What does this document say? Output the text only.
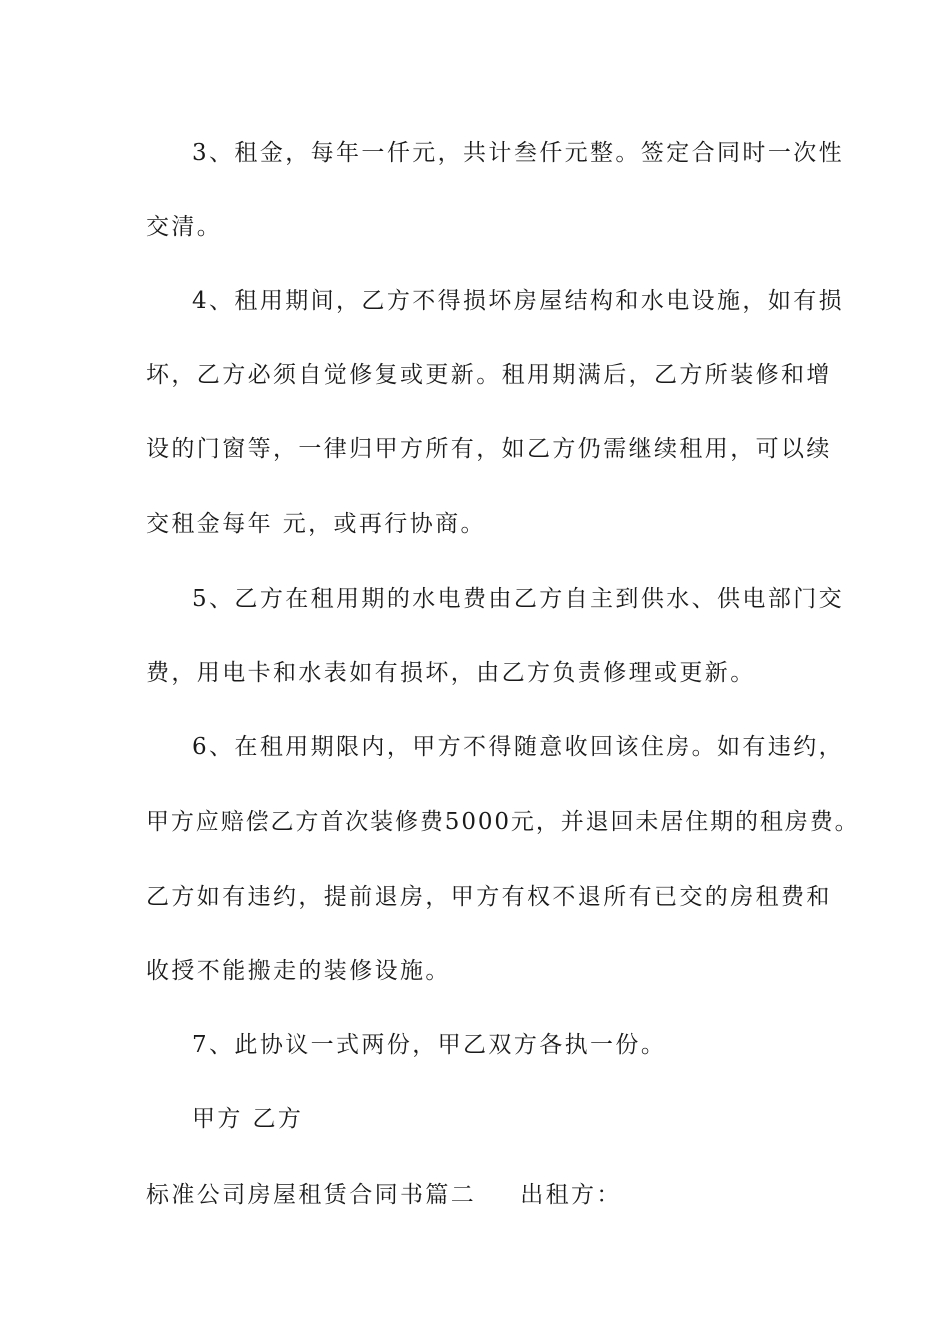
3、租金，每年一仟元，共计叁仟元整。签定合同时一次性
交清。
4、租用期间，乙方不得损坏房屋结构和水电设施，如有损
坏，乙方必须自觉修复或更新。租用期满后，乙方所装修和增
设的门窗等，一律归甲方所有，如乙方仍需继续租用，可以续
交租金每年 元，或再行协商。
5、乙方在租用期的水电费由乙方自主到供水、供电部门交
费，用电卡和水表如有损坏，由乙方负责修理或更新。
6、在租用期限内，甲方不得随意收回该住房。如有违约，
甲方应赔偿乙方首次装修费5000元，并退回未居住期的租房费。
乙方如有违约，提前退房，甲方有权不退所有已交的房租费和
收授不能搬走的装修设施。
7、此协议一式两份，甲乙双方各执一份。
甲方 乙方
标准公司房屋租赁合同书篇二 出租方：
